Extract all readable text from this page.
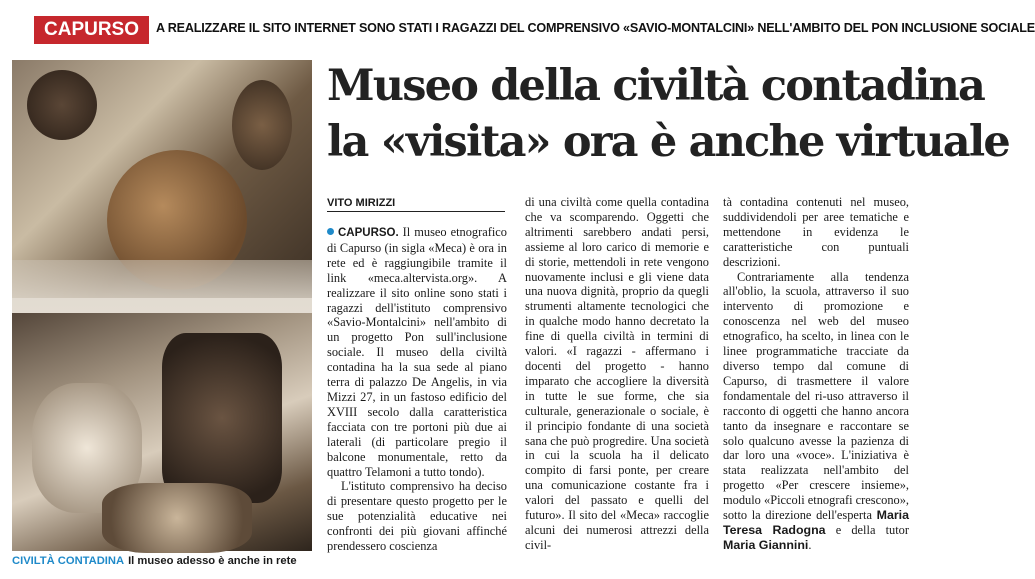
CAPURSO	A REALIZZARE IL SITO INTERNET SONO STATI I RAGAZZI DEL COMPRENSIVO «SAVIO-MONTALCINI» NELL'AMBITO DEL PON INCLUSIONE SOCIALE
CIVILTÀ CONTADINA Il museo adesso è anche in rete
Museo della civiltà contadina
la «visita» ora è anche virtuale
VITO MIRIZZI

CAPURSO. Il museo etnografico di Capurso (in sigla «Meca) è ora in rete ed è raggiungibile tramite il link «meca.altervista.org». A realizzare il sito online sono stati i ragazzi dell'istituto comprensivo «Savio-Montalcini» nell'ambito di un progetto Pon sull'inclusione sociale. Il museo della civiltà contadina ha la sua sede al piano terra di palazzo De Angelis, in via Mizzi 27, in un fastoso edificio del XVIII secolo dalla caratteristica facciata con tre portoni più due ai laterali (di particolare pregio il balcone monumentale, retto da quattro Telamoni a tutto tondo).

L'istituto comprensivo ha deciso di presentare questo progetto per le sue potenzialità educative nei confronti dei più giovani affinché prendessero coscienza

di una civiltà come quella contadina che va scomparendo. Oggetti che altrimenti sarebbero andati persi, assieme al loro carico di memorie e di storie, mettendoli in rete vengono nuovamente inclusi e gli viene data una nuova dignità, proprio da quegli strumenti altamente tecnologici che in qualche modo hanno decretato la fine di quella civiltà in termini di valori. «I ragazzi - affermano i docenti del progetto - hanno imparato che accogliere la diversità in tutte le sue forme, che sia culturale, generazionale o sociale, è il principio fondante di una società sana che può progredire. Una società in cui la scuola ha il delicato compito di farsi ponte, per creare una comunicazione costante fra i valori del passato e quelli del futuro». Il sito del «Meca» raccoglie alcuni dei numerosi attrezzi della civil-

tà contadina contenuti nel museo, suddividendoli per aree tematiche e mettendone in evidenza le caratteristiche con puntuali descrizioni.

Contrariamente alla tendenza all'oblio, la scuola, attraverso il suo intervento di promozione e conoscenza nel web del museo etnografico, ha scelto, in linea con le linee programmatiche tracciate da diverso tempo dal comune di Capurso, di trasmettere il valore fondamentale del ri-uso attraverso il racconto di oggetti che hanno ancora tanto da insegnare e raccontare se solo qualcuno avesse la pazienza di dar loro una «voce». L'iniziativa è stata realizzata nell'ambito del progetto «Per crescere insieme», modulo «Piccoli etnografi crescono», sotto la direzione dell'esperta Maria Teresa Radogna e della tutor Maria Giannini.
